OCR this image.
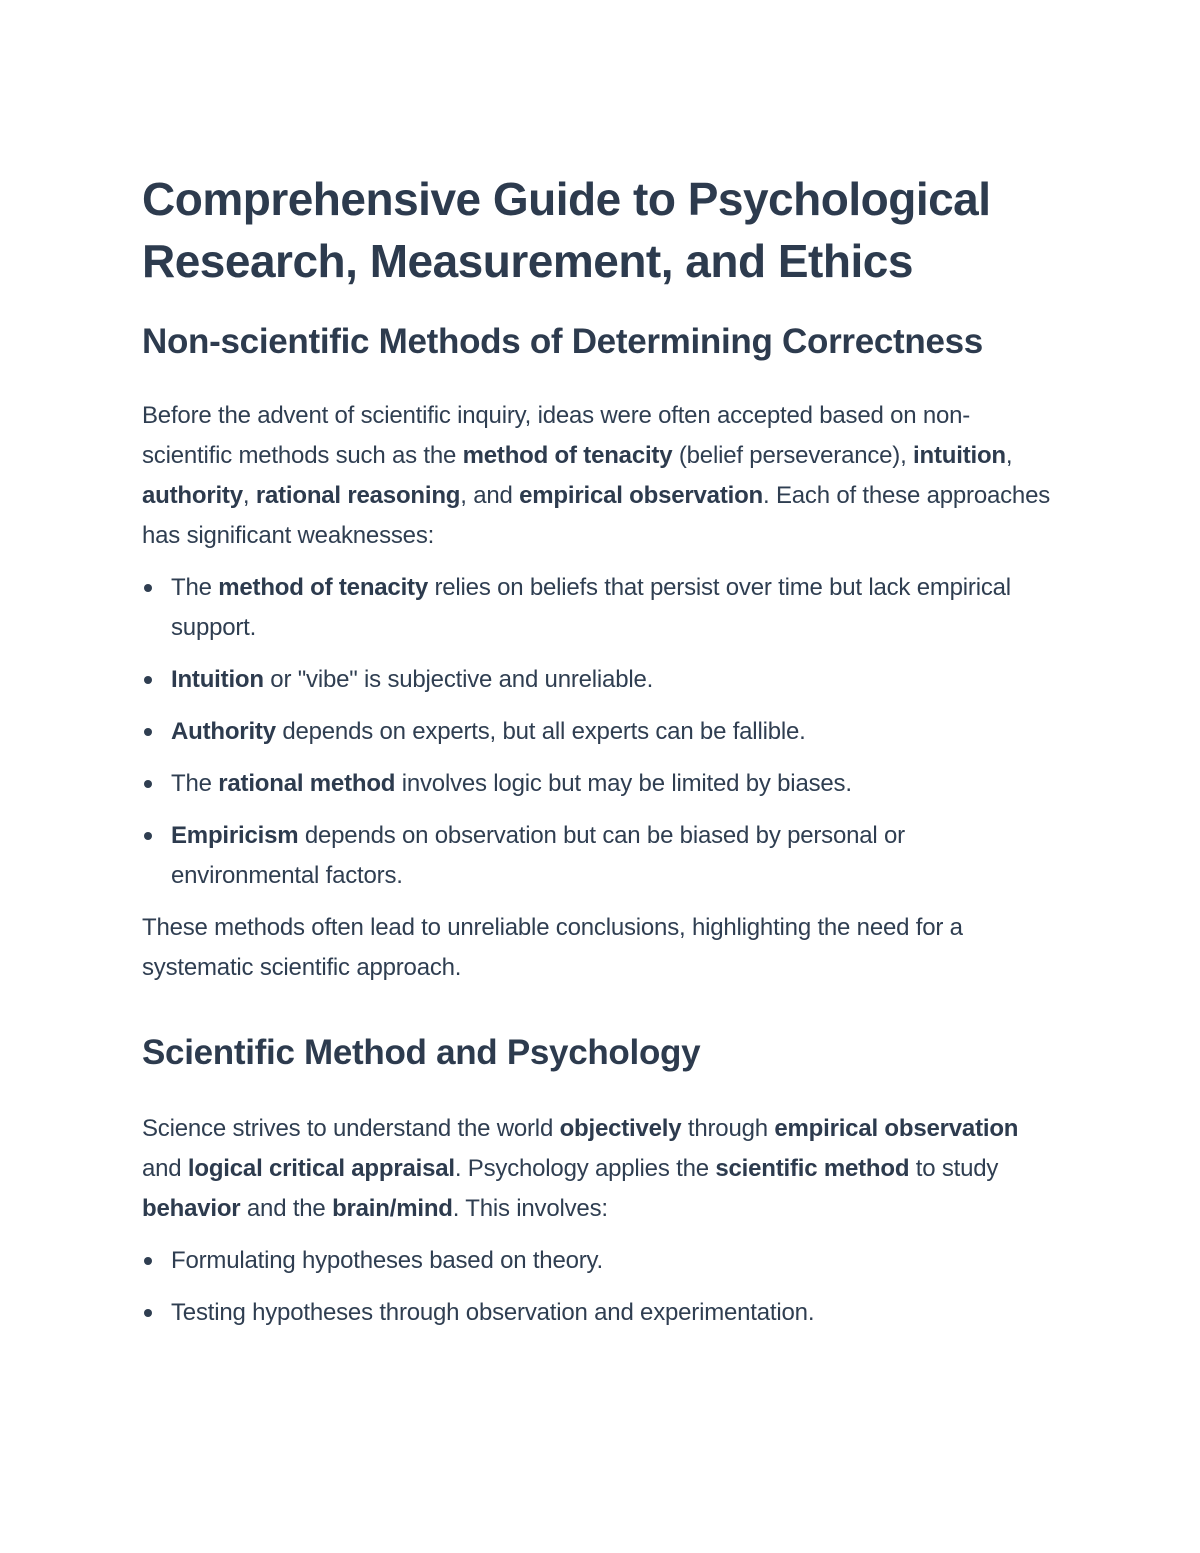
Comprehensive Guide to Psychological Research, Measurement, and Ethics
Non-scientific Methods of Determining Correctness

Before the advent of scientific inquiry, ideas were often accepted based on non-scientific methods such as the method of tenacity (belief perseverance), intuition, authority, rational reasoning, and empirical observation. Each of these approaches has significant weaknesses:

The method of tenacity relies on beliefs that persist over time but lack empirical support.
Intuition or "vibe" is subjective and unreliable.
Authority depends on experts, but all experts can be fallible.
The rational method involves logic but may be limited by biases.
Empiricism depends on observation but can be biased by personal or environmental factors.

These methods often lead to unreliable conclusions, highlighting the need for a systematic scientific approach.

Scientific Method and Psychology

Science strives to understand the world objectively through empirical observation and logical critical appraisal. Psychology applies the scientific method to study behavior and the brain/mind. This involves:

Formulating hypotheses based on theory.
Testing hypotheses through observation and experimentation.
